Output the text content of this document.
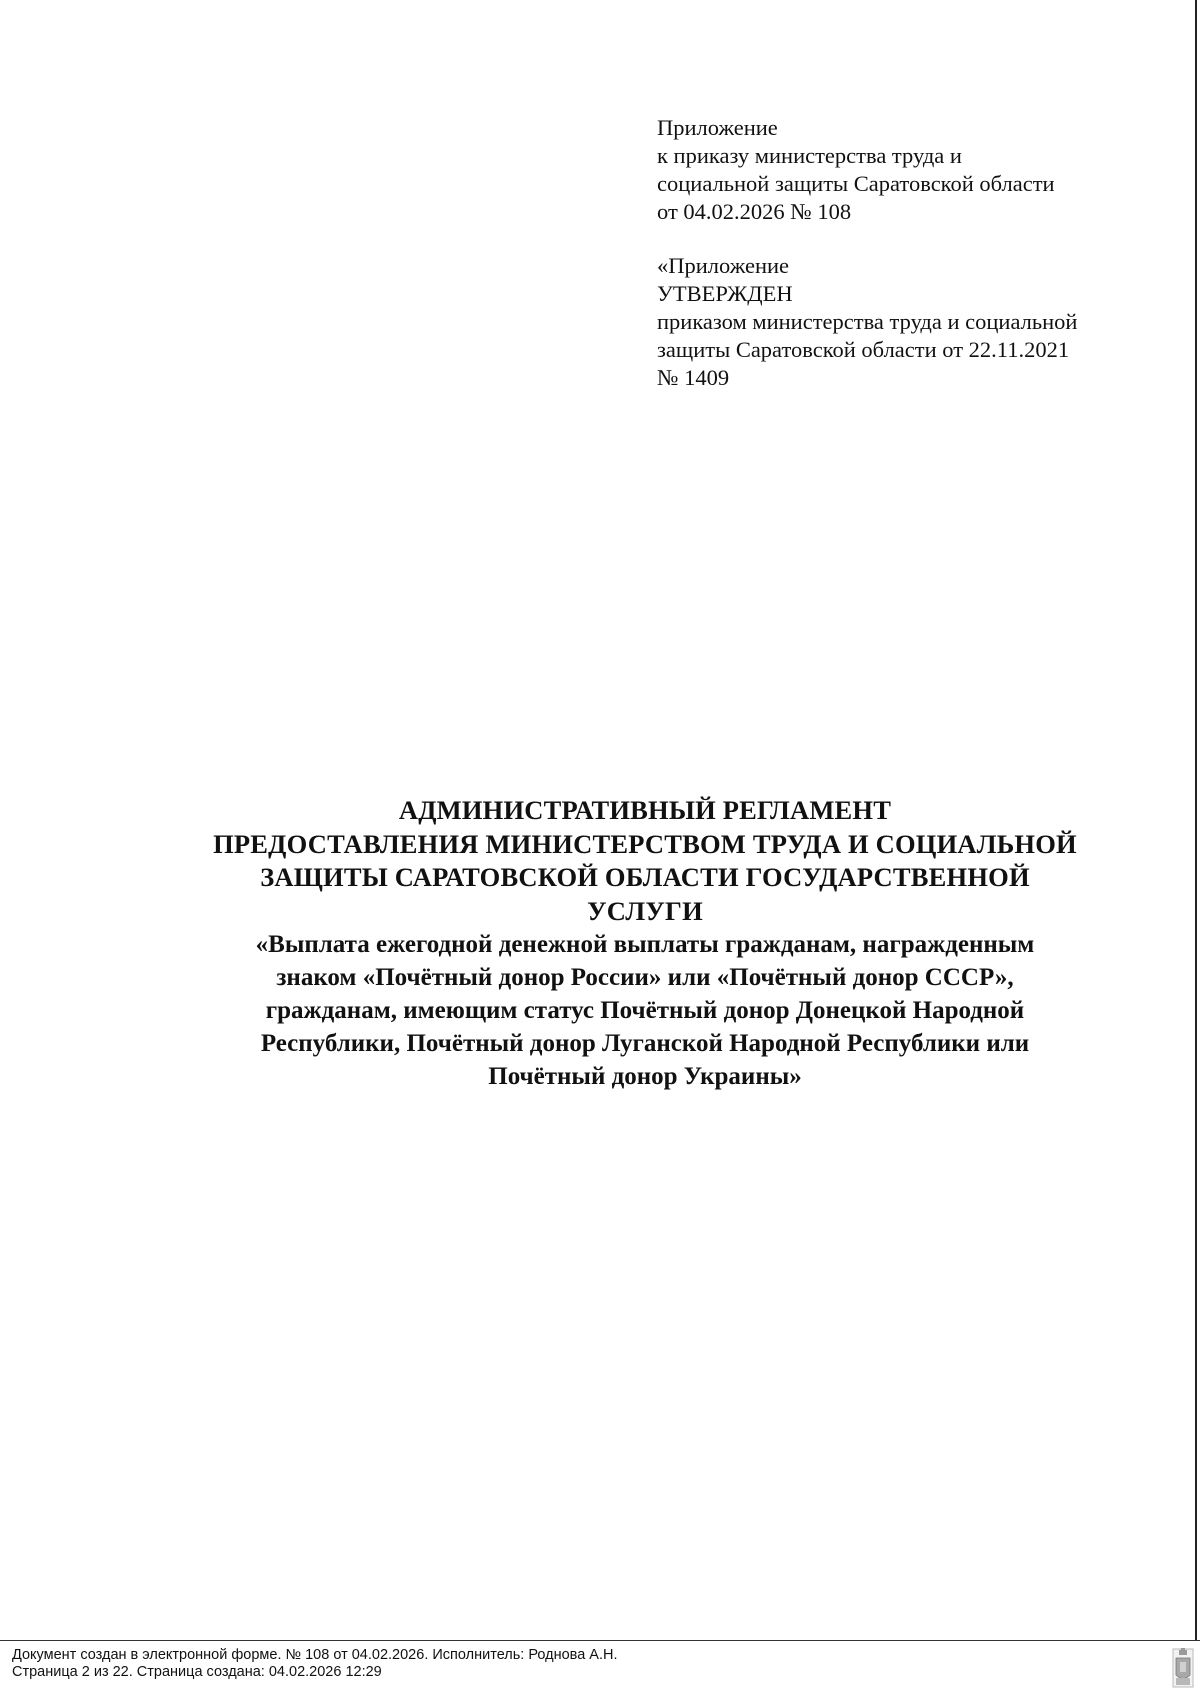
Приложение

к приказу министерства труда и

социальной защиты Саратовской области

от 04.02.2026 № 108

«Приложение

УТВЕРЖДЕН

приказом министерства труда и социальной

защиты Саратовской области от 22.11.2021

№ 1409

АДМИНИСТРАТИВНЫЙ РЕГЛАМЕНТ
ПРЕДОСТАВЛЕНИЯ МИНИСТЕРСТВОМ ТРУДА И СОЦИАЛЬНОЙ
ЗАЩИТЫ САРАТОВСКОЙ ОБЛАСТИ ГОСУДАРСТВЕННОЙ
УСЛУГИ
«Выплата ежегодной денежной выплаты гражданам, награжденным
знаком «Почётный донор России» или «Почётный донор СССР»,
гражданам, имеющим статус Почётный донор Донецкой Народной
Республики, Почётный донор Луганской Народной Республики или
Почётный донор Украины»
Документ создан в электронной форме. № 108 от 04.02.2026. Исполнитель: Роднова А.Н.
Страница 2 из 22. Страница создана: 04.02.2026 12:29
